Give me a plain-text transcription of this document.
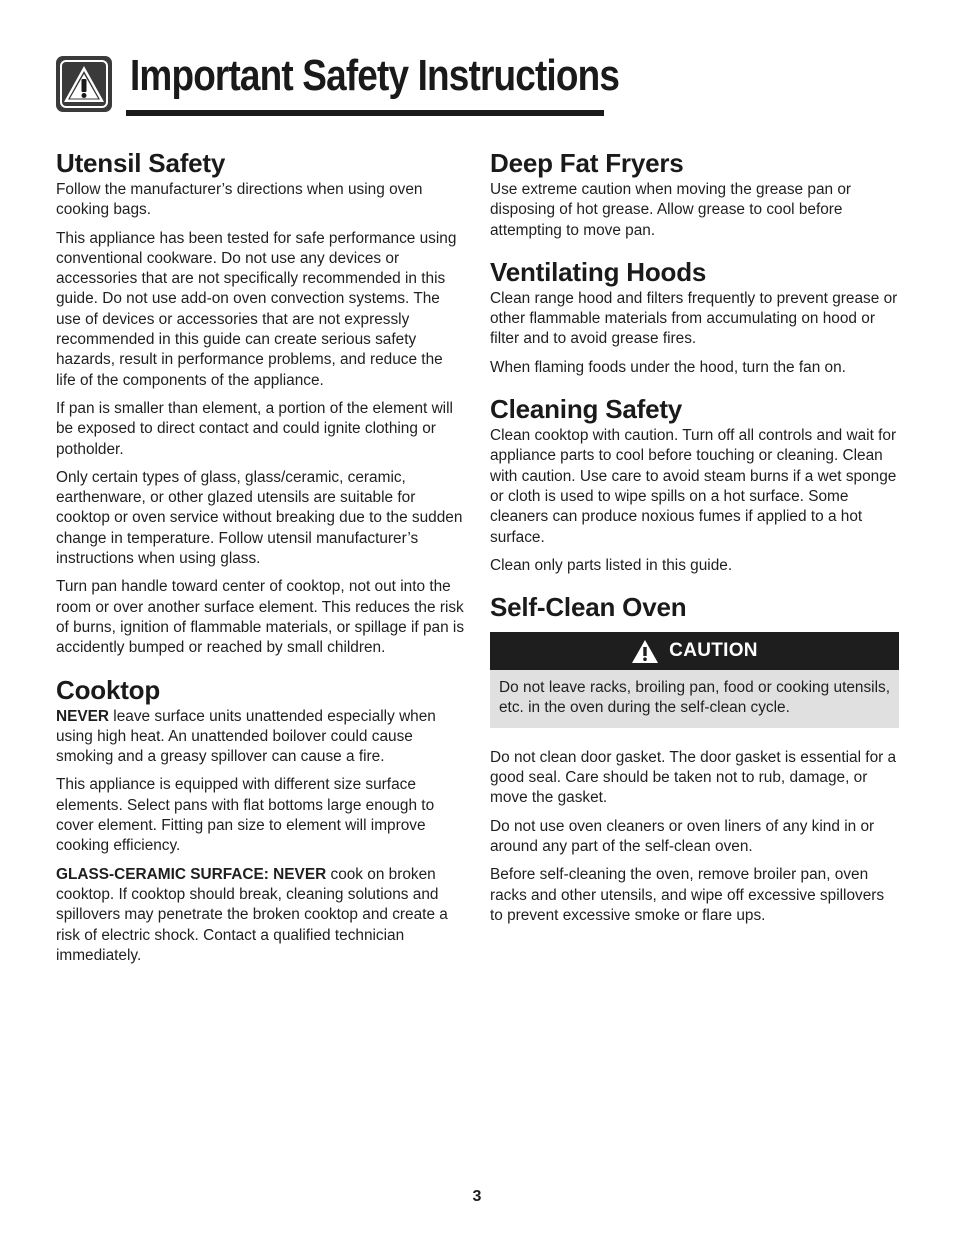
Important Safety Instructions
Utensil Safety

Follow the manufacturer’s directions when using oven cooking bags.

This appliance has been tested for safe performance using conventional cookware. Do not use any devices or accessories that are not specifically recommended in this guide. Do not use add-on oven convection systems. The use of devices or accessories that are not expressly recommended in this guide can create serious safety hazards, result in performance problems, and reduce the life of the components of the appliance.

If pan is smaller than element, a portion of the element will be exposed to direct contact and could ignite clothing or potholder.

Only certain types of glass, glass/ceramic, ceramic, earthenware, or other glazed utensils are suitable for cooktop or oven service without breaking due to the sudden change in temperature. Follow utensil manufacturer’s instructions when using glass.

Turn pan handle toward center of cooktop, not out into the room or over another surface element. This reduces the risk of burns, ignition of flammable materials, or spillage if pan is accidently bumped or reached by small children.

Cooktop

NEVER leave surface units unattended especially when using high heat. An unattended boilover could cause smoking and a greasy spillover can cause a fire.

This appliance is equipped with different size surface elements. Select pans with flat bottoms large enough to cover element. Fitting pan size to element will improve cooking efficiency.

GLASS-CERAMIC SURFACE: NEVER cook on broken cooktop. If cooktop should break, cleaning solutions and spillovers may penetrate the broken cooktop and create a risk of electric shock. Contact a qualified technician immediately.

Deep Fat Fryers

Use extreme caution when moving the grease pan or disposing of hot grease. Allow grease to cool before attempting to move pan.

Ventilating Hoods

Clean range hood and filters frequently to prevent grease or other flammable materials from accumulating on hood or filter and to avoid grease fires.

When flaming foods under the hood, turn the fan on.

Cleaning Safety

Clean cooktop with caution. Turn off all controls and wait for appliance parts to cool before touching or cleaning. Clean with caution. Use care to avoid steam burns if a wet sponge or cloth is used to wipe spills on a hot surface. Some cleaners can produce noxious fumes if applied to a hot surface.

Clean only parts listed in this guide.

Self-Clean Oven
CAUTION

Do not leave racks, broiling pan, food or cooking utensils, etc. in the oven during the self-clean cycle.

Do not clean door gasket. The door gasket is essential for a good seal. Care should be taken not to rub, damage, or move the gasket.

Do not use oven cleaners or oven liners of any kind in or around any part of the self-clean oven.

Before self-cleaning the oven, remove broiler pan, oven racks and other utensils, and wipe off excessive spillovers to prevent excessive smoke or flare ups.

3
